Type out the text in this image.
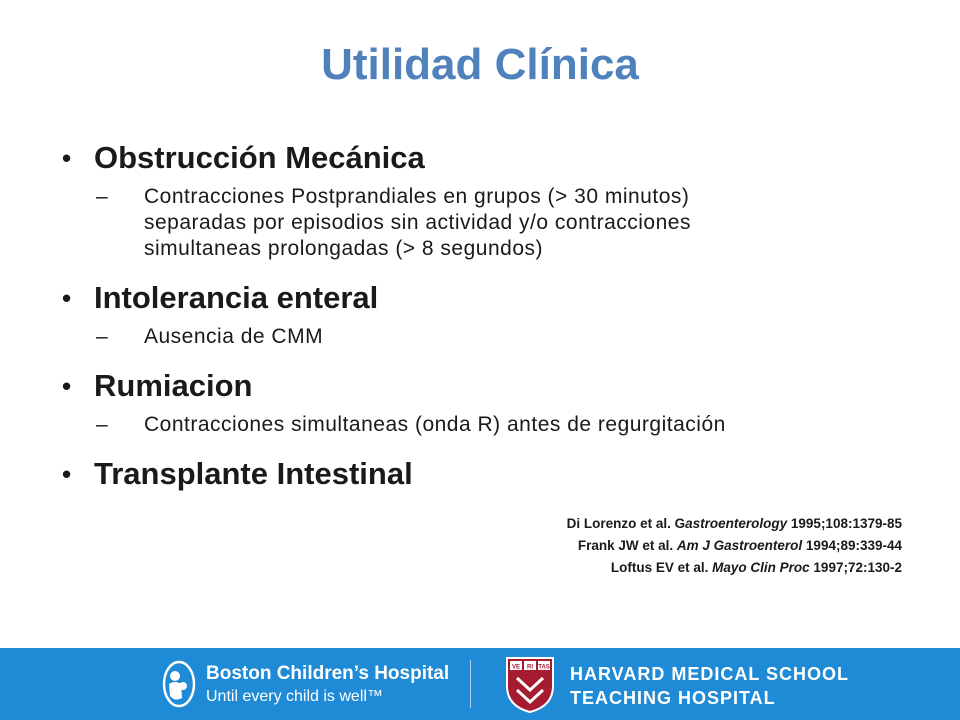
Utilidad Clínica
• Obstrucción Mecánica
– Contracciones Postprandiales en grupos (> 30 minutos)
separadas por episodios sin actividad y/o contracciones
simultaneas prolongadas (> 8 segundos)
• Intolerancia enteral
– Ausencia de CMM
• Rumiacion
– Contracciones simultaneas (onda R) antes de regurgitación
• Transplante Intestinal
Di Lorenzo et al. Gastroenterology 1995;108:1379-85
Frank JW et al. Am J Gastroenterol 1994;89:339-44
Loftus EV et al. Mayo Clin Proc 1997;72:130-2
Boston Children’s Hospital
Until every child is well™
VE RI TAS HARVARD MEDICAL SCHOOL
TEACHING HOSPITAL
